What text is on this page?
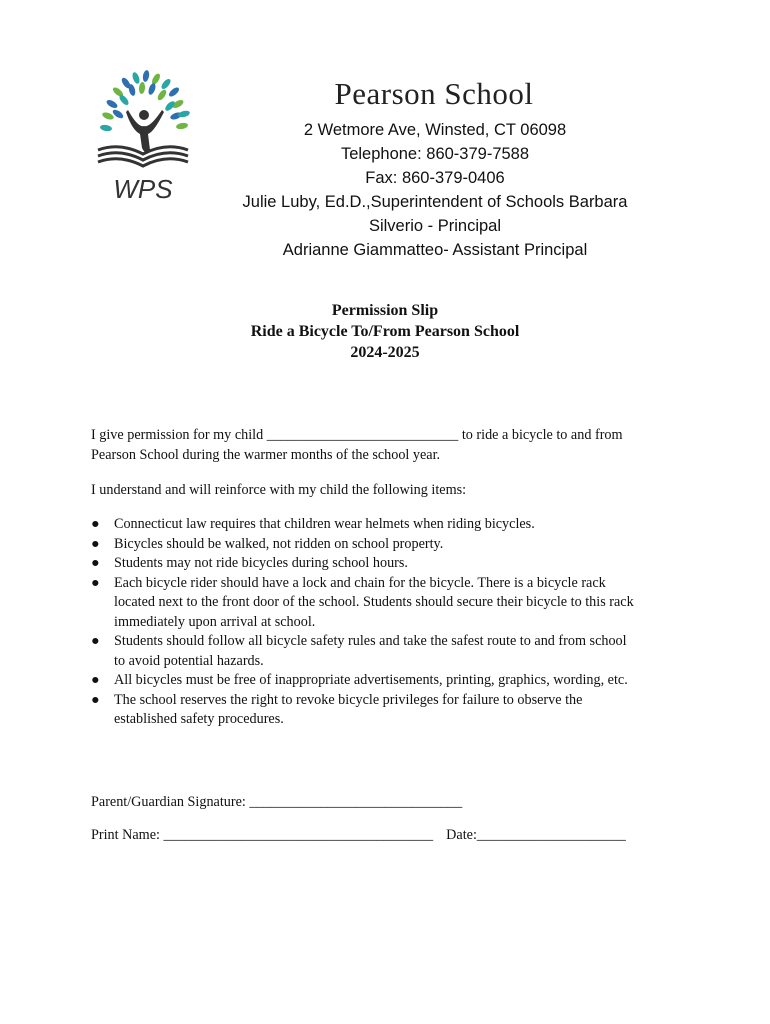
WPS
Pearson School
2 Wetmore Ave, Winsted, CT 06098
Telephone: 860-379-7588
Fax: 860-379-0406
Julie Luby, Ed.D.,Superintendent of Schools Barbara
Silverio - Principal
Adrianne Giammatteo- Assistant Principal
Permission Slip
Ride a Bicycle To/From Pearson School
2024-2025
I give permission for my child ___________________________ to ride a bicycle to and from
Pearson School during the warmer months of the school year.
I understand and will reinforce with my child the following items:
● Connecticut law requires that children wear helmets when riding bicycles.
● Bicycles should be walked, not ridden on school property.
● Students may not ride bicycles during school hours.
● Each bicycle rider should have a lock and chain for the bicycle. There is a bicycle rack
located next to the front door of the school. Students should secure their bicycle to this rack
immediately upon arrival at school.
● Students should follow all bicycle safety rules and take the safest route to and from school
to avoid potential hazards.
● All bicycles must be free of inappropriate advertisements, printing, graphics, wording, etc.
● The school reserves the right to revoke bicycle privileges for failure to observe the
established safety procedures.
Parent/Guardian Signature: ______________________________
Print Name: ______________________________________ Date:_____________________
